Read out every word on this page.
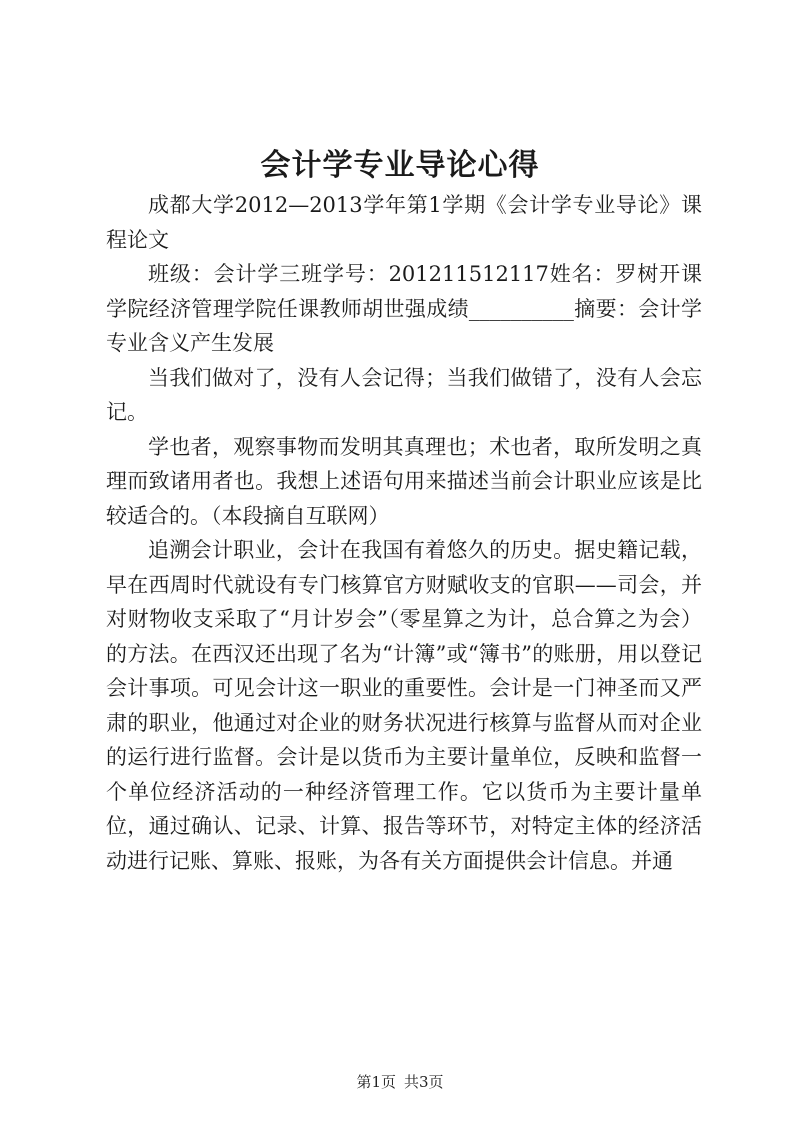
会计学专业导论心得

成都大学2012—2013学年第1学期《会计学专业导论》课程论文

班级：会计学三班学号：201211512117姓名：罗树开课学院经济管理学院任课教师胡世强成绩__________摘要：会计学专业含义产生发展

当我们做对了，没有人会记得；当我们做错了，没有人会忘记。

学也者，观察事物而发明其真理也；术也者，取所发明之真理而致诸用者也。我想上述语句用来描述当前会计职业应该是比较适合的。（本段摘自互联网）

追溯会计职业，会计在我国有着悠久的历史。据史籍记载，早在西周时代就设有专门核算官方财赋收支的官职——司会，并对财物收支采取了“月计岁会”（零星算之为计，总合算之为会）的方法。在西汉还出现了名为“计簿”或“簿书”的账册，用以登记会计事项。可见会计这一职业的重要性。会计是一门神圣而又严肃的职业，他通过对企业的财务状况进行核算与监督从而对企业的运行进行监督。会计是以货币为主要计量单位，反映和监督一个单位经济活动的一种经济管理工作。它以货币为主要计量单位，通过确认、记录、计算、报告等环节，对特定主体的经济活动进行记账、算账、报账，为各有关方面提供会计信息。并通

第1页 共3页
